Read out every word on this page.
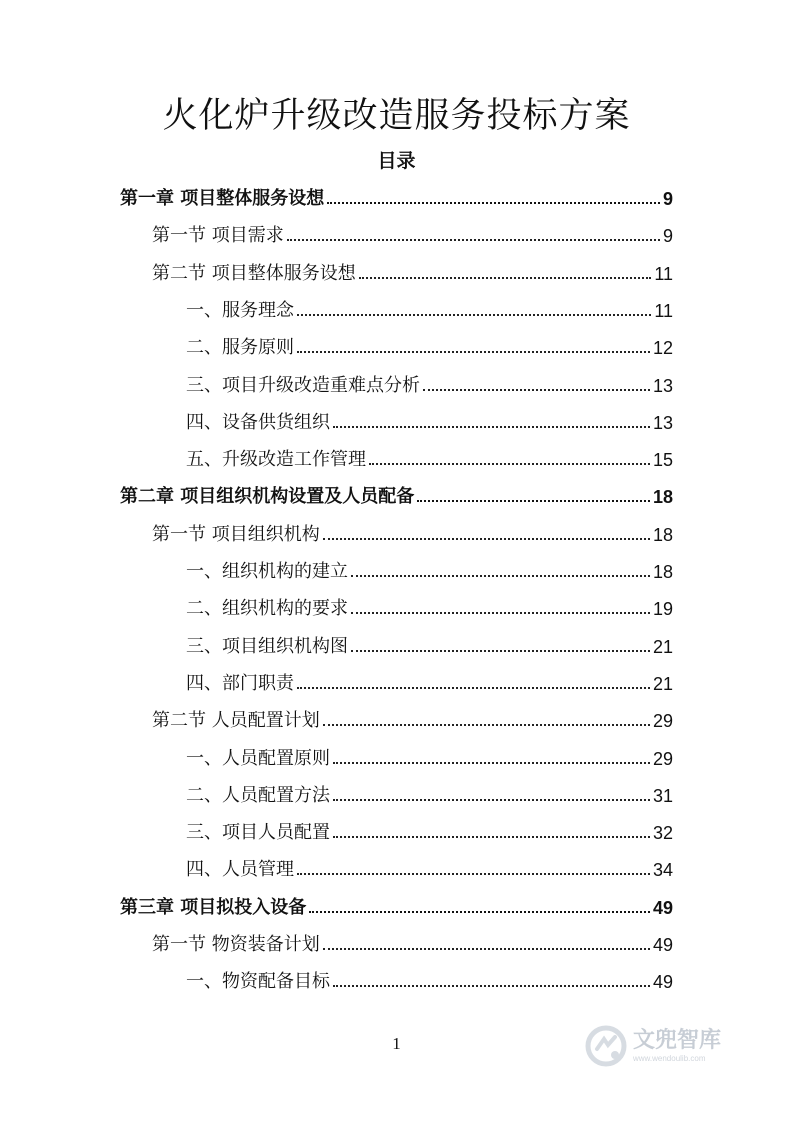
火化炉升级改造服务投标方案
目录
第一章 项目整体服务设想	9
第一节 项目需求	9
第二节 项目整体服务设想	11
一、服务理念	11
二、服务原则	12
三、项目升级改造重难点分析	13
四、设备供货组织	13
五、升级改造工作管理	15
第二章 项目组织机构设置及人员配备	18
第一节 项目组织机构	18
一、组织机构的建立	18
二、组织机构的要求	19
三、项目组织机构图	21
四、部门职责	21
第二节 人员配置计划	29
一、人员配置原则	29
二、人员配置方法	31
三、项目人员配置	32
四、人员管理	34
第三章 项目拟投入设备	49
第一节 物资装备计划	49
一、物资配备目标	49
1	文兜智库
www.wendoulib.com
